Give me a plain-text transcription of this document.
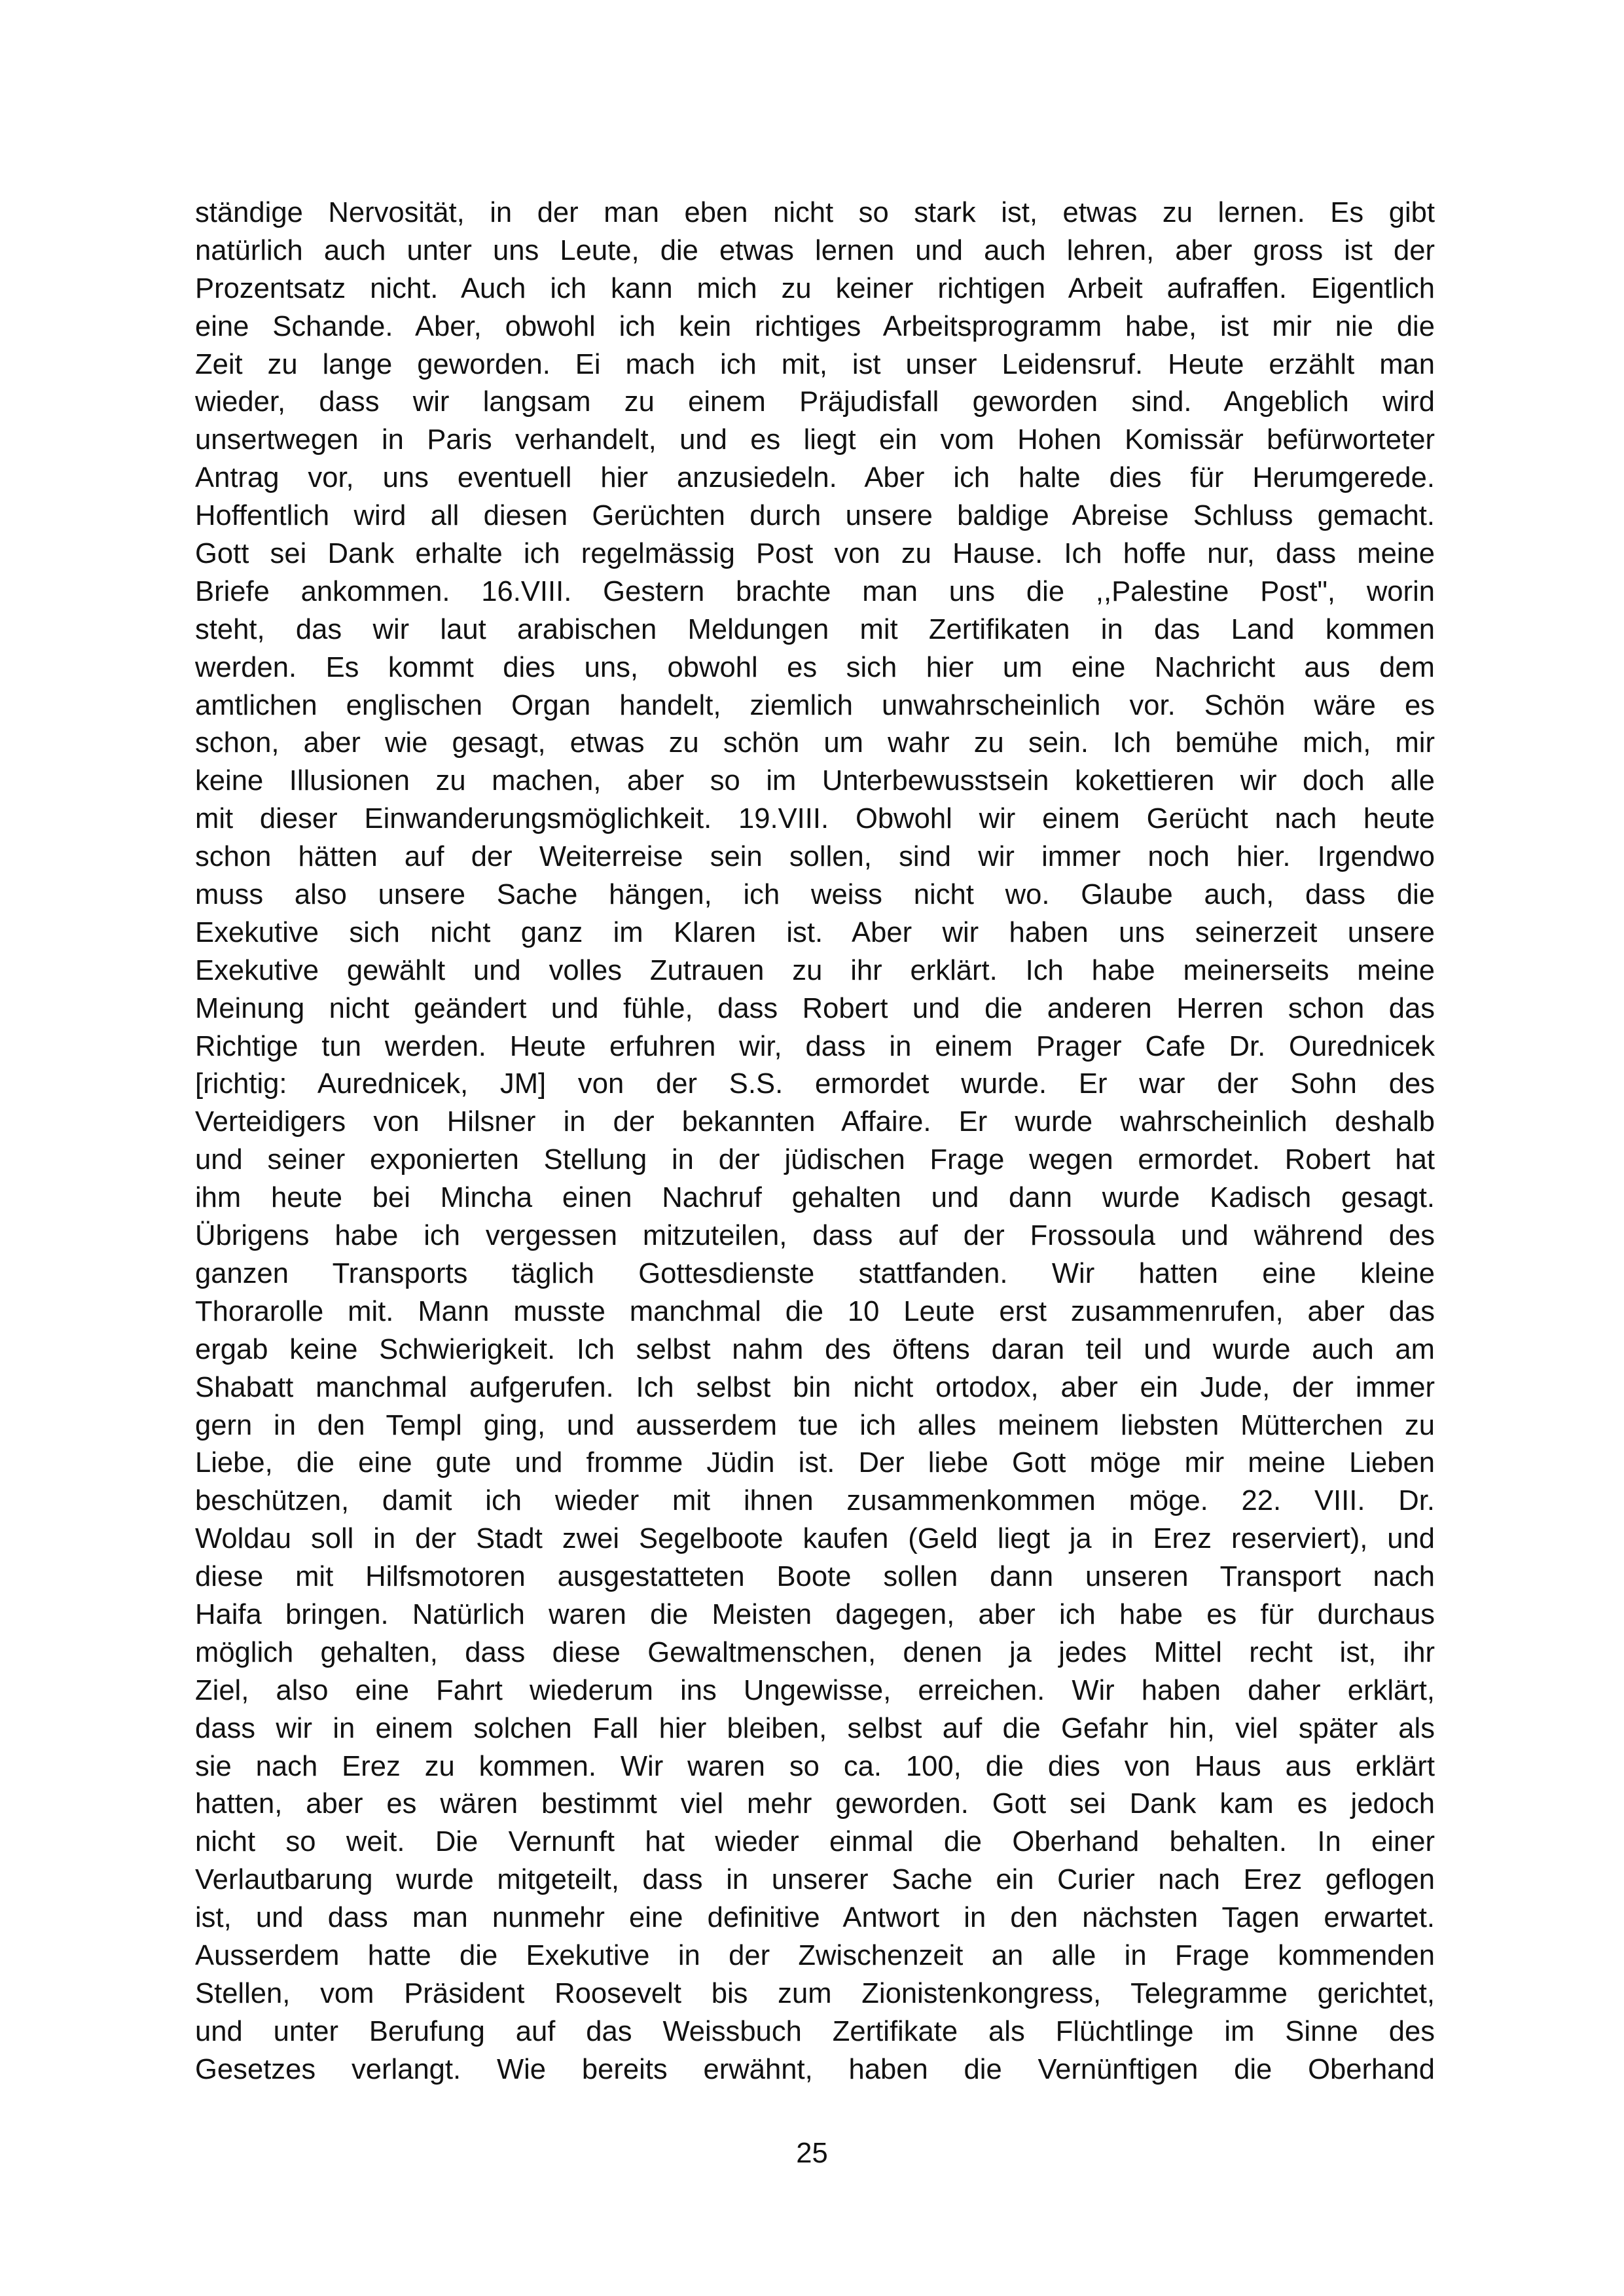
ständige Nervosität, in der man eben nicht so stark ist, etwas zu lernen. Es gibt
natürlich auch unter uns Leute, die etwas lernen und auch lehren, aber gross ist der
Prozentsatz nicht. Auch ich kann mich zu keiner richtigen Arbeit aufraffen. Eigentlich
eine Schande. Aber, obwohl ich kein richtiges Arbeitsprogramm habe, ist mir nie die
Zeit zu lange geworden. Ei mach ich mit, ist unser Leidensruf. Heute erzählt man
wieder, dass wir langsam zu einem Präjudisfall geworden sind. Angeblich wird
unsertwegen in Paris verhandelt, und es liegt ein vom Hohen Komissär befürworteter
Antrag vor, uns eventuell hier anzusiedeln. Aber ich halte dies für Herumgerede.
Hoffentlich wird all diesen Gerüchten durch unsere baldige Abreise Schluss gemacht.
Gott sei Dank erhalte ich regelmässig Post von zu Hause. Ich hoffe nur, dass meine
Briefe ankommen. 16.VIII. Gestern brachte man uns die ,,Palestine Post", worin
steht, das wir laut arabischen Meldungen mit Zertifikaten in das Land kommen
werden. Es kommt dies uns, obwohl es sich hier um eine Nachricht aus dem
amtlichen englischen Organ handelt, ziemlich unwahrscheinlich vor. Schön wäre es
schon, aber wie gesagt, etwas zu schön um wahr zu sein. Ich bemühe mich, mir
keine Illusionen zu machen, aber so im Unterbewusstsein kokettieren wir doch alle
mit dieser Einwanderungsmöglichkeit. 19.VIII. Obwohl wir einem Gerücht nach heute
schon hätten auf der Weiterreise sein sollen, sind wir immer noch hier. Irgendwo
muss also unsere Sache hängen, ich weiss nicht wo. Glaube auch, dass die
Exekutive sich nicht ganz im Klaren ist. Aber wir haben uns seinerzeit unsere
Exekutive gewählt und volles Zutrauen zu ihr erklärt. Ich habe meinerseits meine
Meinung nicht geändert und fühle, dass Robert und die anderen Herren schon das
Richtige tun werden. Heute erfuhren wir, dass in einem Prager Cafe Dr. Ourednicek
[richtig: Aurednicek, JM] von der S.S. ermordet wurde. Er war der Sohn des
Verteidigers von Hilsner in der bekannten Affaire. Er wurde wahrscheinlich deshalb
und seiner exponierten Stellung in der jüdischen Frage wegen ermordet. Robert hat
ihm heute bei Mincha einen Nachruf gehalten und dann wurde Kadisch gesagt.
Übrigens habe ich vergessen mitzuteilen, dass auf der Frossoula und während des
ganzen Transports täglich Gottesdienste stattfanden. Wir hatten eine kleine
Thorarolle mit. Mann musste manchmal die 10 Leute erst zusammenrufen, aber das
ergab keine Schwierigkeit. Ich selbst nahm des öftens daran teil und wurde auch am
Shabatt manchmal aufgerufen. Ich selbst bin nicht ortodox, aber ein Jude, der immer
gern in den Templ ging, und ausserdem tue ich alles meinem liebsten Mütterchen zu
Liebe, die eine gute und fromme Jüdin ist. Der liebe Gott möge mir meine Lieben
beschützen, damit ich wieder mit ihnen zusammenkommen möge. 22. VIII. Dr.
Woldau soll in der Stadt zwei Segelboote kaufen (Geld liegt ja in Erez reserviert), und
diese mit Hilfsmotoren ausgestatteten Boote sollen dann unseren Transport nach
Haifa bringen. Natürlich waren die Meisten dagegen, aber ich habe es für durchaus
möglich gehalten, dass diese Gewaltmenschen, denen ja jedes Mittel recht ist, ihr
Ziel, also eine Fahrt wiederum ins Ungewisse, erreichen. Wir haben daher erklärt,
dass wir in einem solchen Fall hier bleiben, selbst auf die Gefahr hin, viel später als
sie nach Erez zu kommen. Wir waren so ca. 100, die dies von Haus aus erklärt
hatten, aber es wären bestimmt viel mehr geworden. Gott sei Dank kam es jedoch
nicht so weit. Die Vernunft hat wieder einmal die Oberhand behalten. In einer
Verlautbarung wurde mitgeteilt, dass in unserer Sache ein Curier nach Erez geflogen
ist, und dass man nunmehr eine definitive Antwort in den nächsten Tagen erwartet.
Ausserdem hatte die Exekutive in der Zwischenzeit an alle in Frage kommenden
Stellen, vom Präsident Roosevelt bis zum Zionistenkongress, Telegramme gerichtet,
und unter Berufung auf das Weissbuch Zertifikate als Flüchtlinge im Sinne des
Gesetzes verlangt. Wie bereits erwähnt, haben die Vernünftigen die Oberhand
25
